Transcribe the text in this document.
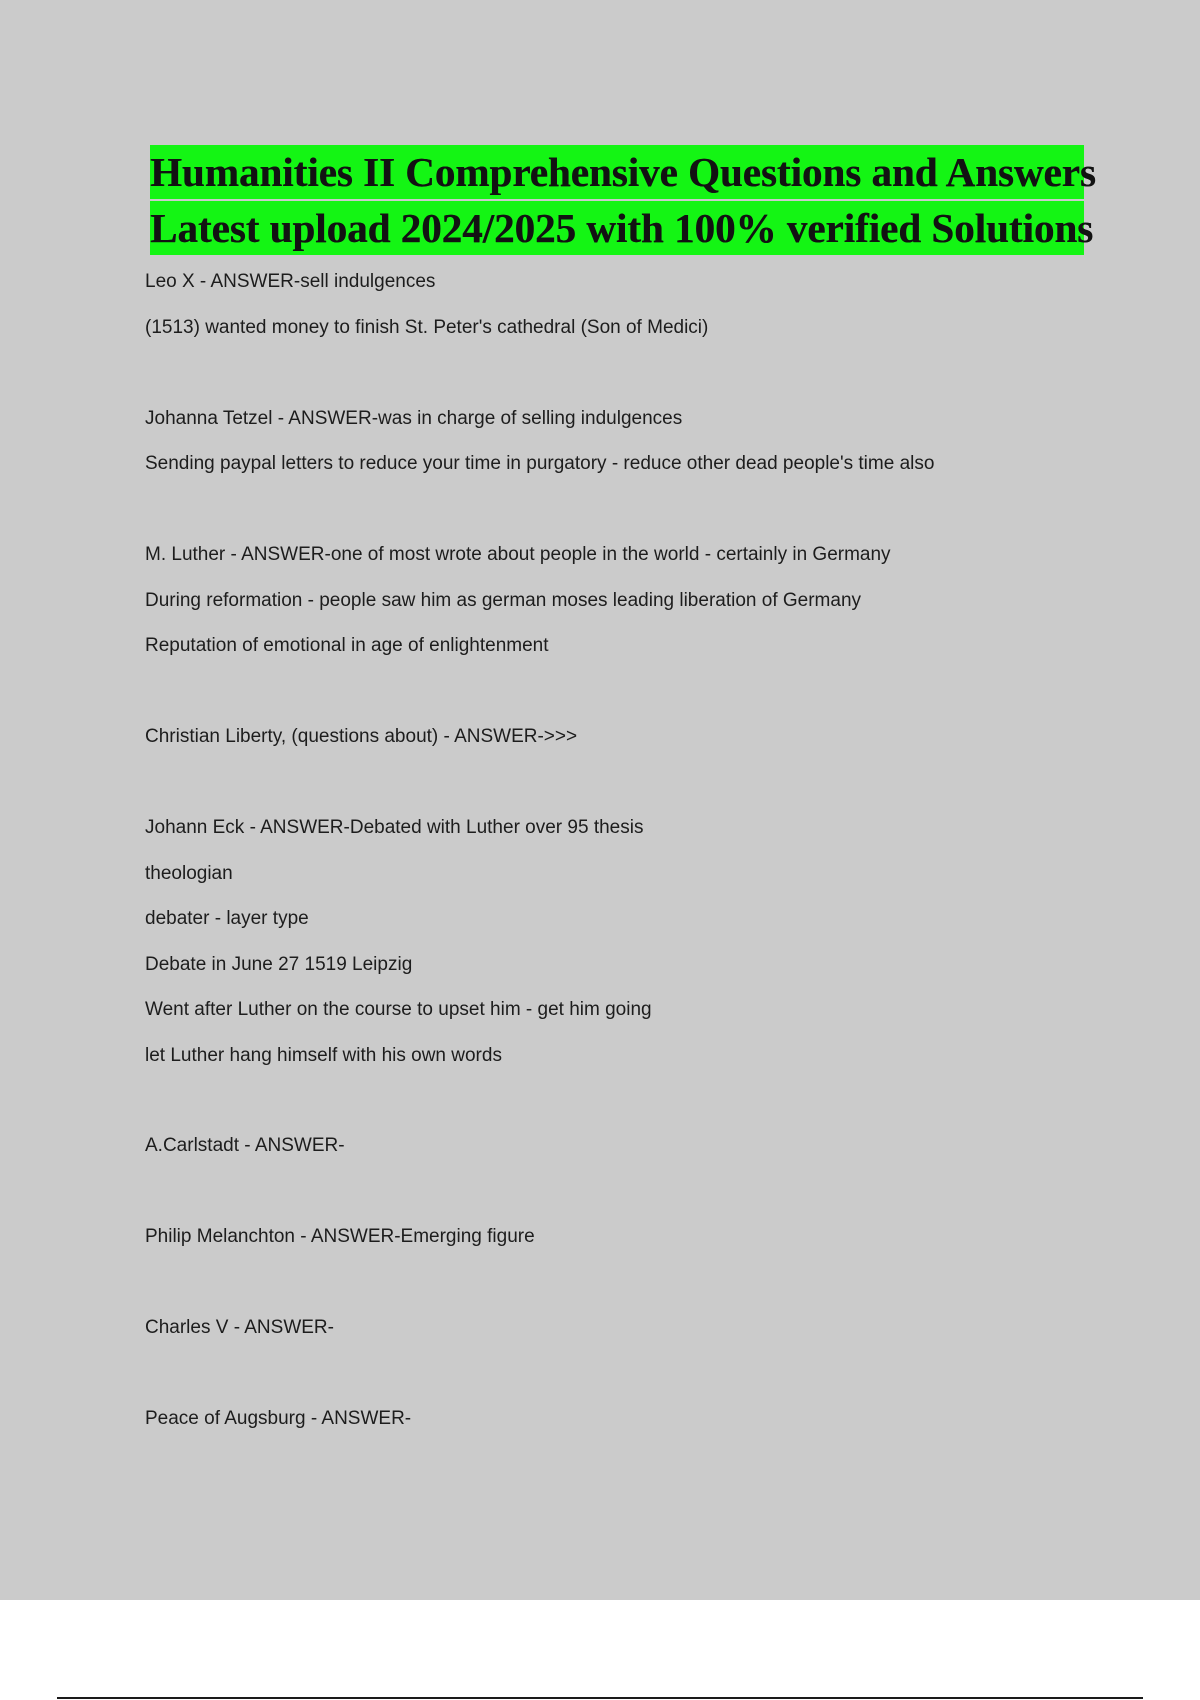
Humanities II Comprehensive Questions and Answers
Latest upload 2024/2025 with 100% verified Solutions
Leo X - ANSWER-sell indulgences
(1513) wanted money to finish St. Peter's cathedral (Son of Medici)
Johanna Tetzel - ANSWER-was in charge of selling indulgences
Sending paypal letters to reduce your time in purgatory - reduce other dead people's time also
M. Luther - ANSWER-one of most wrote about people in the world - certainly in Germany
During reformation - people saw him as german moses leading liberation of Germany
Reputation of emotional in age of enlightenment
Christian Liberty, (questions about) - ANSWER->>>
Johann Eck - ANSWER-Debated with Luther over 95 thesis
theologian
debater - layer type
Debate in June 27 1519 Leipzig
Went after Luther on the course to upset him - get him going
let Luther hang himself with his own words
A.Carlstadt - ANSWER-
Philip Melanchton - ANSWER-Emerging figure
Charles V - ANSWER-
Peace of Augsburg - ANSWER-
